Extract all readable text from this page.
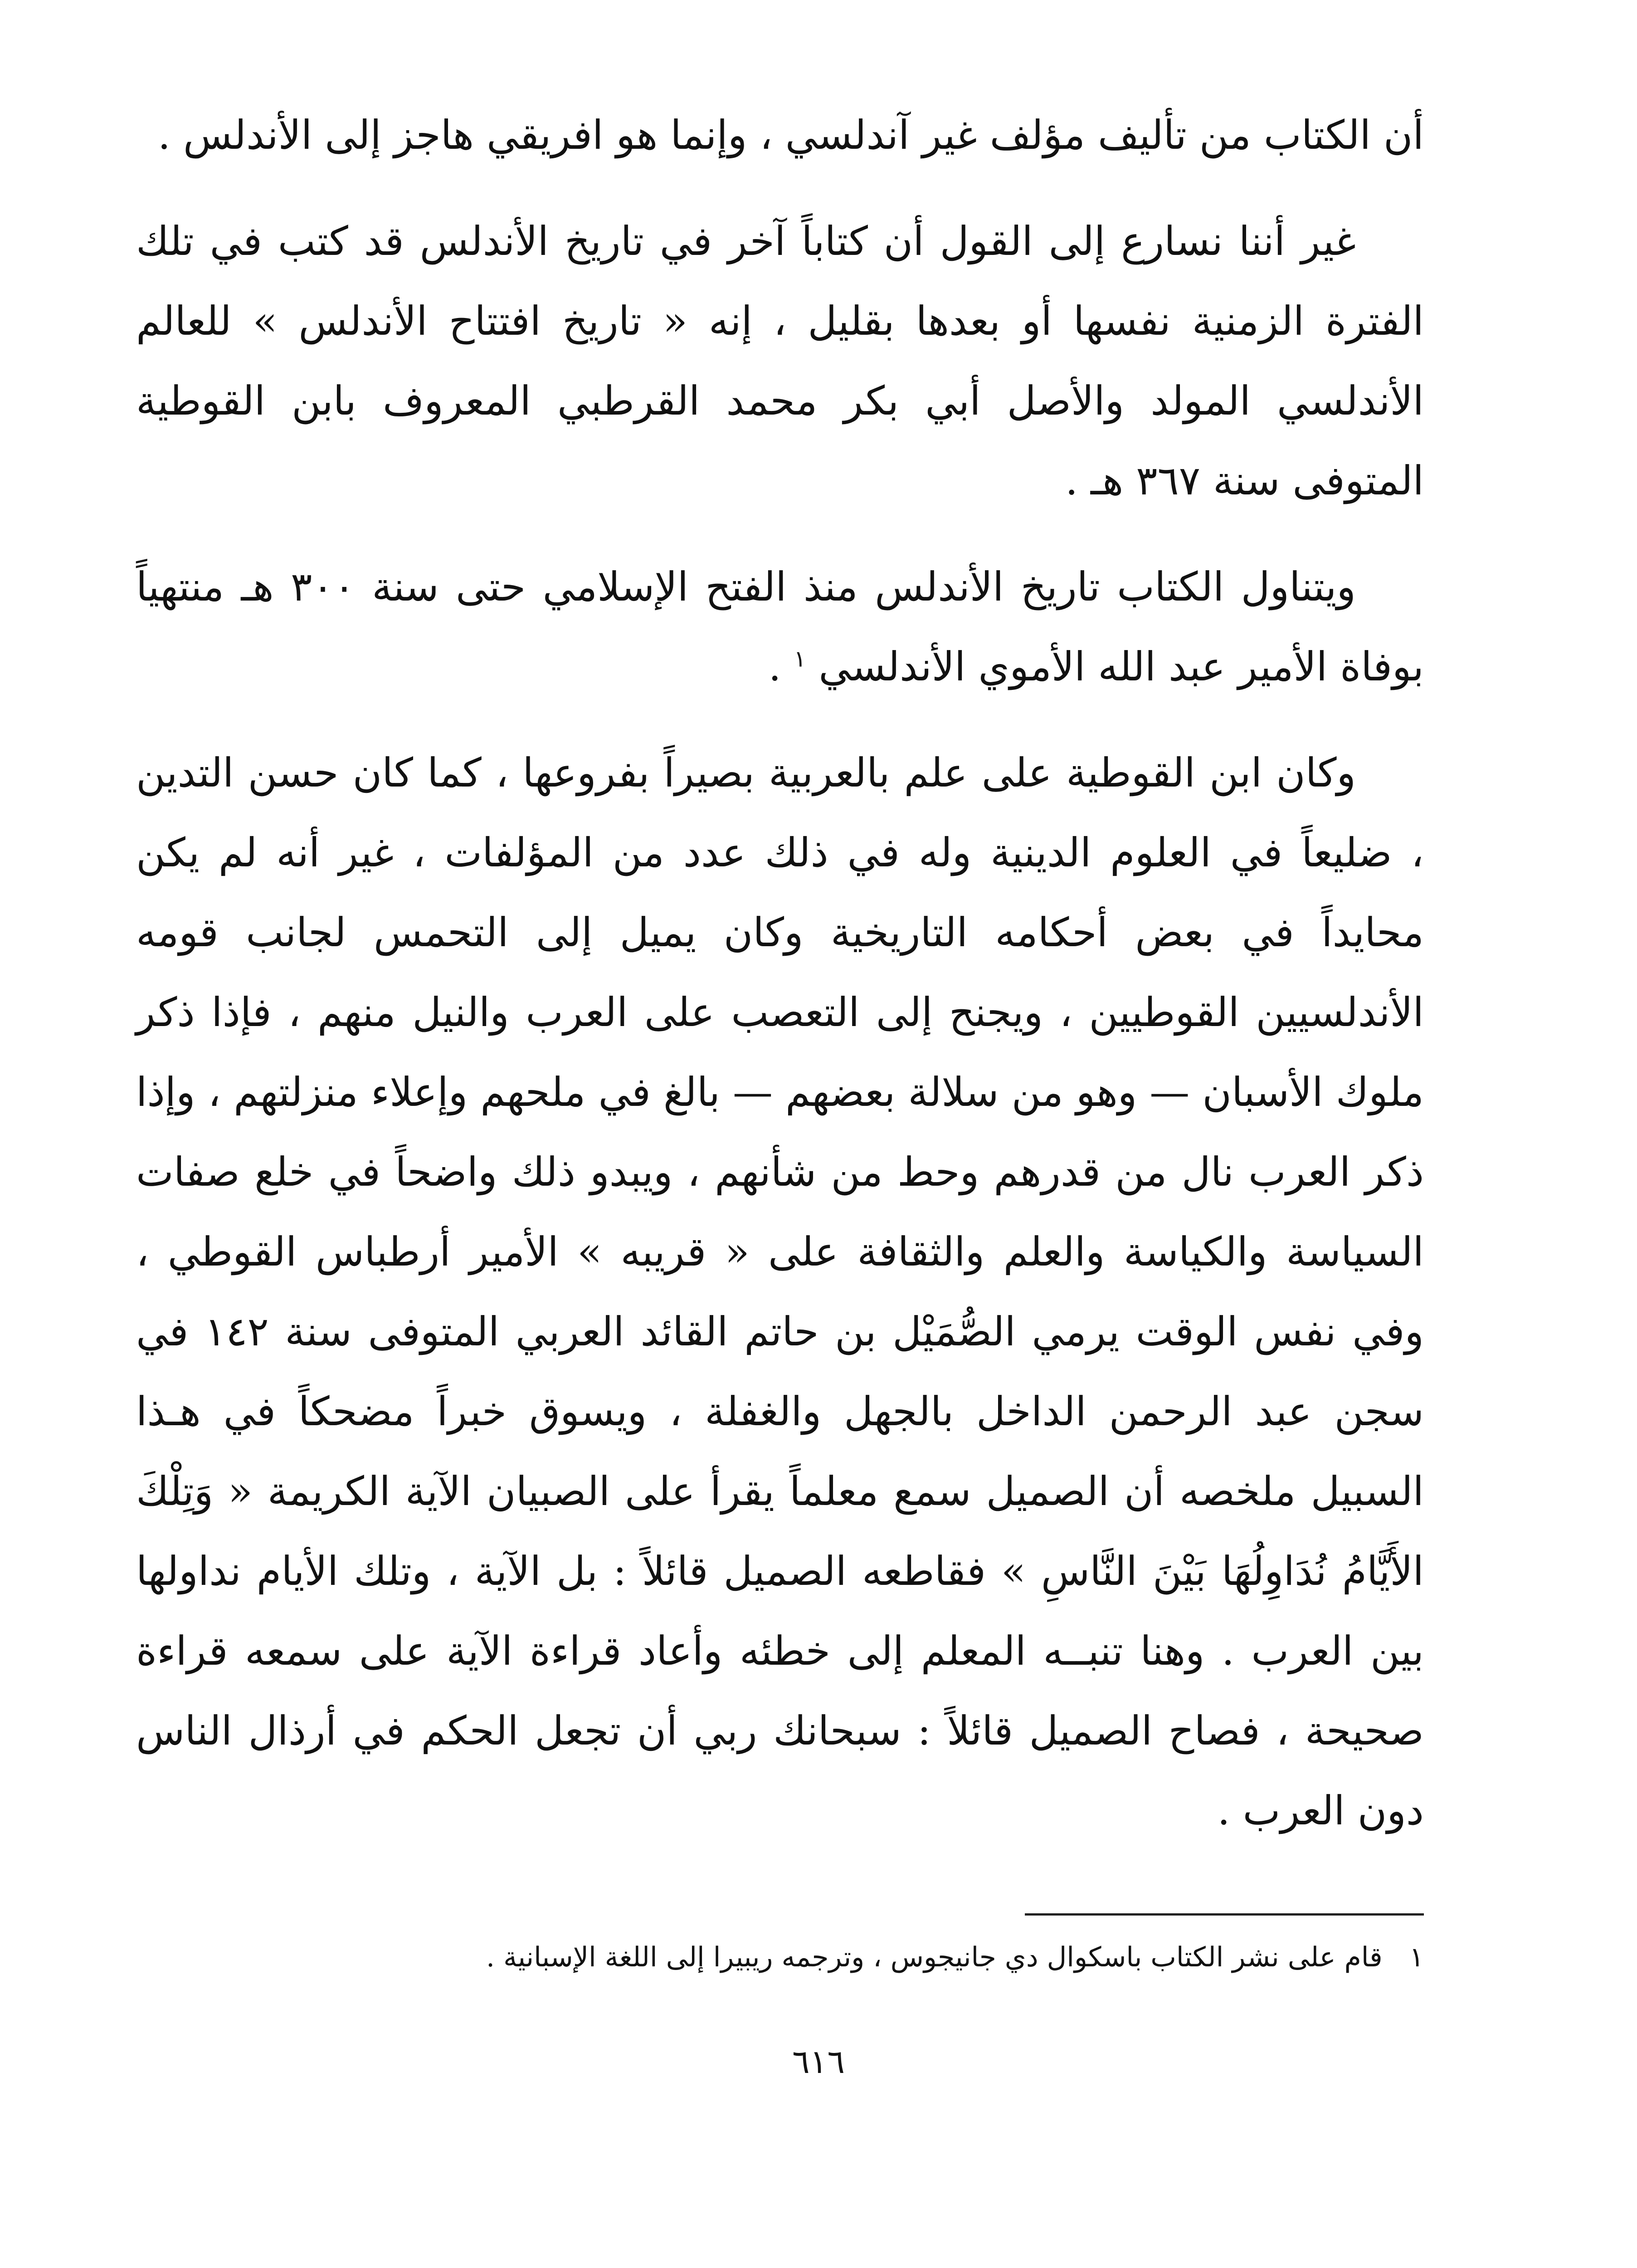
أن الكتاب من تأليف مؤلف غير آندلسي ، وإنما هو افريقي هاجز إلى الأندلس .

غير أننا نسارع إلى القول أن كتاباً آخر في تاريخ الأندلس قد كتب في تلك الفترة الزمنية نفسها أو بعدها بقليل ، إنه « تاريخ افتتاح الأندلس » للعالم الأندلسي المولد والأصل أبي بكر محمد القرطبي المعروف بابن القوطية المتوفى سنة ٣٦٧ هـ .

ويتناول الكتاب تاريخ الأندلس منذ الفتح الإسلامي حتى سنة ٣٠٠ هـ منتهياً بوفاة الأمير عبد الله الأموي الأندلسي $^١$ .

وكان ابن القوطية على علم بالعربية بصيراً بفروعها ، كما كان حسن التدين ، ضليعاً في العلوم الدينية وله في ذلك عدد من المؤلفات ، غير أنه لم يكن محايداً في بعض أحكامه التاريخية وكان يميل إلى التحمس لجانب قومه الأندلسيين القوطيين ، ويجنح إلى التعصب على العرب والنيل منهم ، فإذا ذكر ملوك الأسبان — وهو من سلالة بعضهم — بالغ في ملحهم وإعلاء منزلتهم ، وإذا ذكر العرب نال من قدرهم وحط من شأنهم ، ويبدو ذلك واضحاً في خلع صفات السياسة والكياسة والعلم والثقافة على « قريبه » الأمير أرطباس القوطي ، وفي نفس الوقت يرمي الصُّمَيْل بن حاتم القائد العربي المتوفى سنة ١٤٢ في سجن عبد الرحمن الداخل بالجهل والغفلة ، ويسوق خبراً مضحكاً في هـذا السبيل ملخصه أن الصميل سمع معلماً يقرأ على الصبيان الآية الكريمة « وَتِلْكَ الأَيَّامُ نُدَاوِلُهَا بَيْنَ النَّاسِ » فقاطعه الصميل قائلاً : بل الآية ، وتلك الأيام نداولها بين العرب . وهنا تنبــه المعلم إلى خطئه وأعاد قراءة الآية على سمعه قراءة صحيحة ، فصاح الصميل قائلاً : سبحانك ربي أن تجعل الحكم في أرذال الناس دون العرب .

١ قام على نشر الكتاب باسكوال دي جانيجوس ، وترجمه ريبيرا إلى اللغة الإسبانية .
٦١٦
